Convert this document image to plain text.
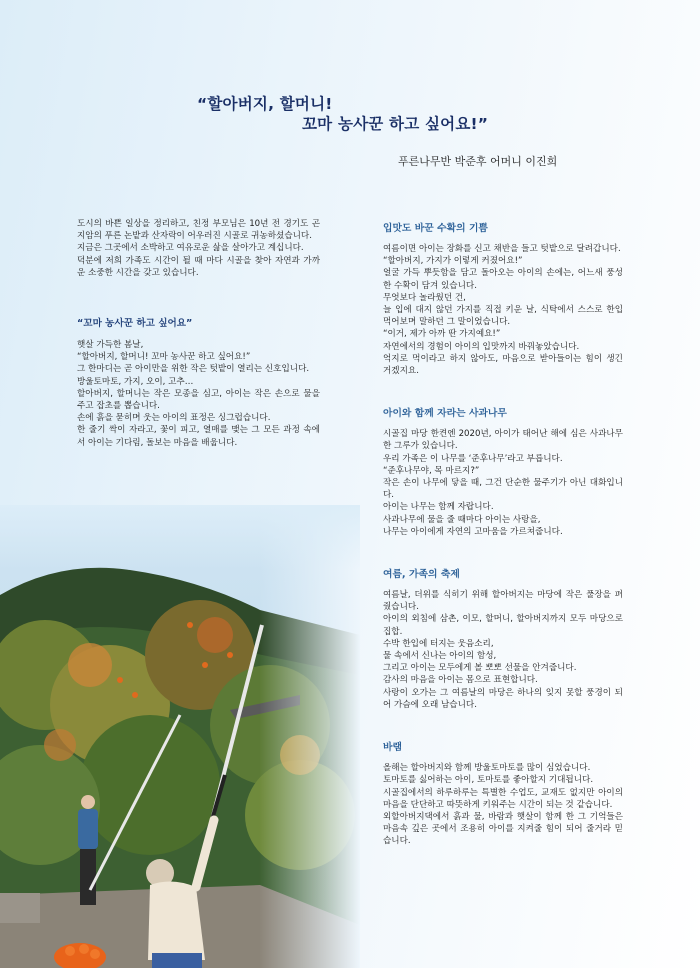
“할아버지, 할머니!
꼬마 농사꾼 하고 싶어요!”
푸른나무반 박준후 어머니 이진희

도시의 바쁜 일상을 정리하고, 친정 부모님은 10년 전 경기도 곤지암의 푸른 논밭과 산자락이 어우러진 시골로 귀농하셨습니다.

지금은 그곳에서 소박하고 여유로운 삶을 살아가고 계십니다.

덕분에 저희 가족도 시간이 될 때 마다 시골을 찾아 자연과 가까운 소중한 시간을 갖고 있습니다.

“꼬마 농사꾼 하고 싶어요”

햇살 가득한 봄날,

“할아버지, 할머니! 꼬마 농사꾼 하고 싶어요!”

그 한마디는 곧 아이만을 위한 작은 텃밭이 열리는 신호입니다.

방울토마토, 가지, 오이, 고추…

할아버지, 할머니는 작은 모종을 심고, 아이는 작은 손으로 물을 주고 잡초를 뽑습니다.

손에 흙을 묻히며 웃는 아이의 표정은 싱그럽습니다.

한 줄기 싹이 자라고, 꽃이 피고, 열매를 맺는 그 모든 과정 속에서 아이는 기다림, 돌보는 마음을 배웁니다.

입맛도 바꾼 수확의 기쁨

여름이면 아이는 장화를 신고 채반을 들고 텃밭으로 달려갑니다.

“할아버지, 가지가 이렇게 커졌어요!”

얼굴 가득 뿌듯함을 담고 돌아오는 아이의 손에는, 어느새 풍성한 수확이 담겨 있습니다.

무엇보다 놀라웠던 건,

늘 입에 대지 않던 가지를 직접 키운 날, 식탁에서 스스로 한입 먹어보며 말하던 그 말이었습니다.

“이거, 제가 아까 딴 가지예요!”

자연에서의 경험이 아이의 입맛까지 바꿔놓았습니다.

억지로 먹이라고 하지 않아도, 마음으로 받아들이는 힘이 생긴 거겠지요.

아이와 함께 자라는 사과나무

시골집 마당 한켠엔 2020년, 아이가 태어난 해에 심은 사과나무 한 그루가 있습니다.

우리 가족은 이 나무를 ‘준후나무’라고 부릅니다.

“준후나무야, 목 마르지?”

작은 손이 나무에 닿을 때, 그건 단순한 물주기가 아닌 대화입니다.

아이는 나무는 함께 자랍니다.

사과나무에 물을 줄 때마다 아이는 사랑을,

나무는 아이에게 자연의 고마움을 가르쳐줍니다.

여름, 가족의 축제

여름날, 더위를 식히기 위해 할아버지는 마당에 작은 풀장을 펴줬습니다.

아이의 외침에 삼촌, 이모, 할머니, 할아버지까지 모두 마당으로 집합.

수박 한입에 터지는 웃음소리,

물 속에서 신나는 아이의 함성,

그리고 아이는 모두에게 볼 뽀뽀 선물을 안겨줍니다.

감사의 마음을 아이는 몸으로 표현합니다.

사랑이 오가는 그 여름날의 마당은 하나의 잊지 못할 풍경이 되어 가슴에 오래 남습니다.

바램

올해는 할아버지와 함께 방울토마토를 많이 심었습니다.

토마토를 싫어하는 아이, 토마토를 좋아할지 기대됩니다.

시골집에서의 하루하루는 특별한 수업도, 교재도 없지만 아이의 마음을 단단하고 따뜻하게 키워주는 시간이 되는 것 같습니다.

외할아버지댁에서 흙과 물, 바람과 햇살이 함께 한 그 기억들은 마음속 깊은 곳에서 조용히 아이를 지켜줄 힘이 되어 줄거라 믿습니다.
